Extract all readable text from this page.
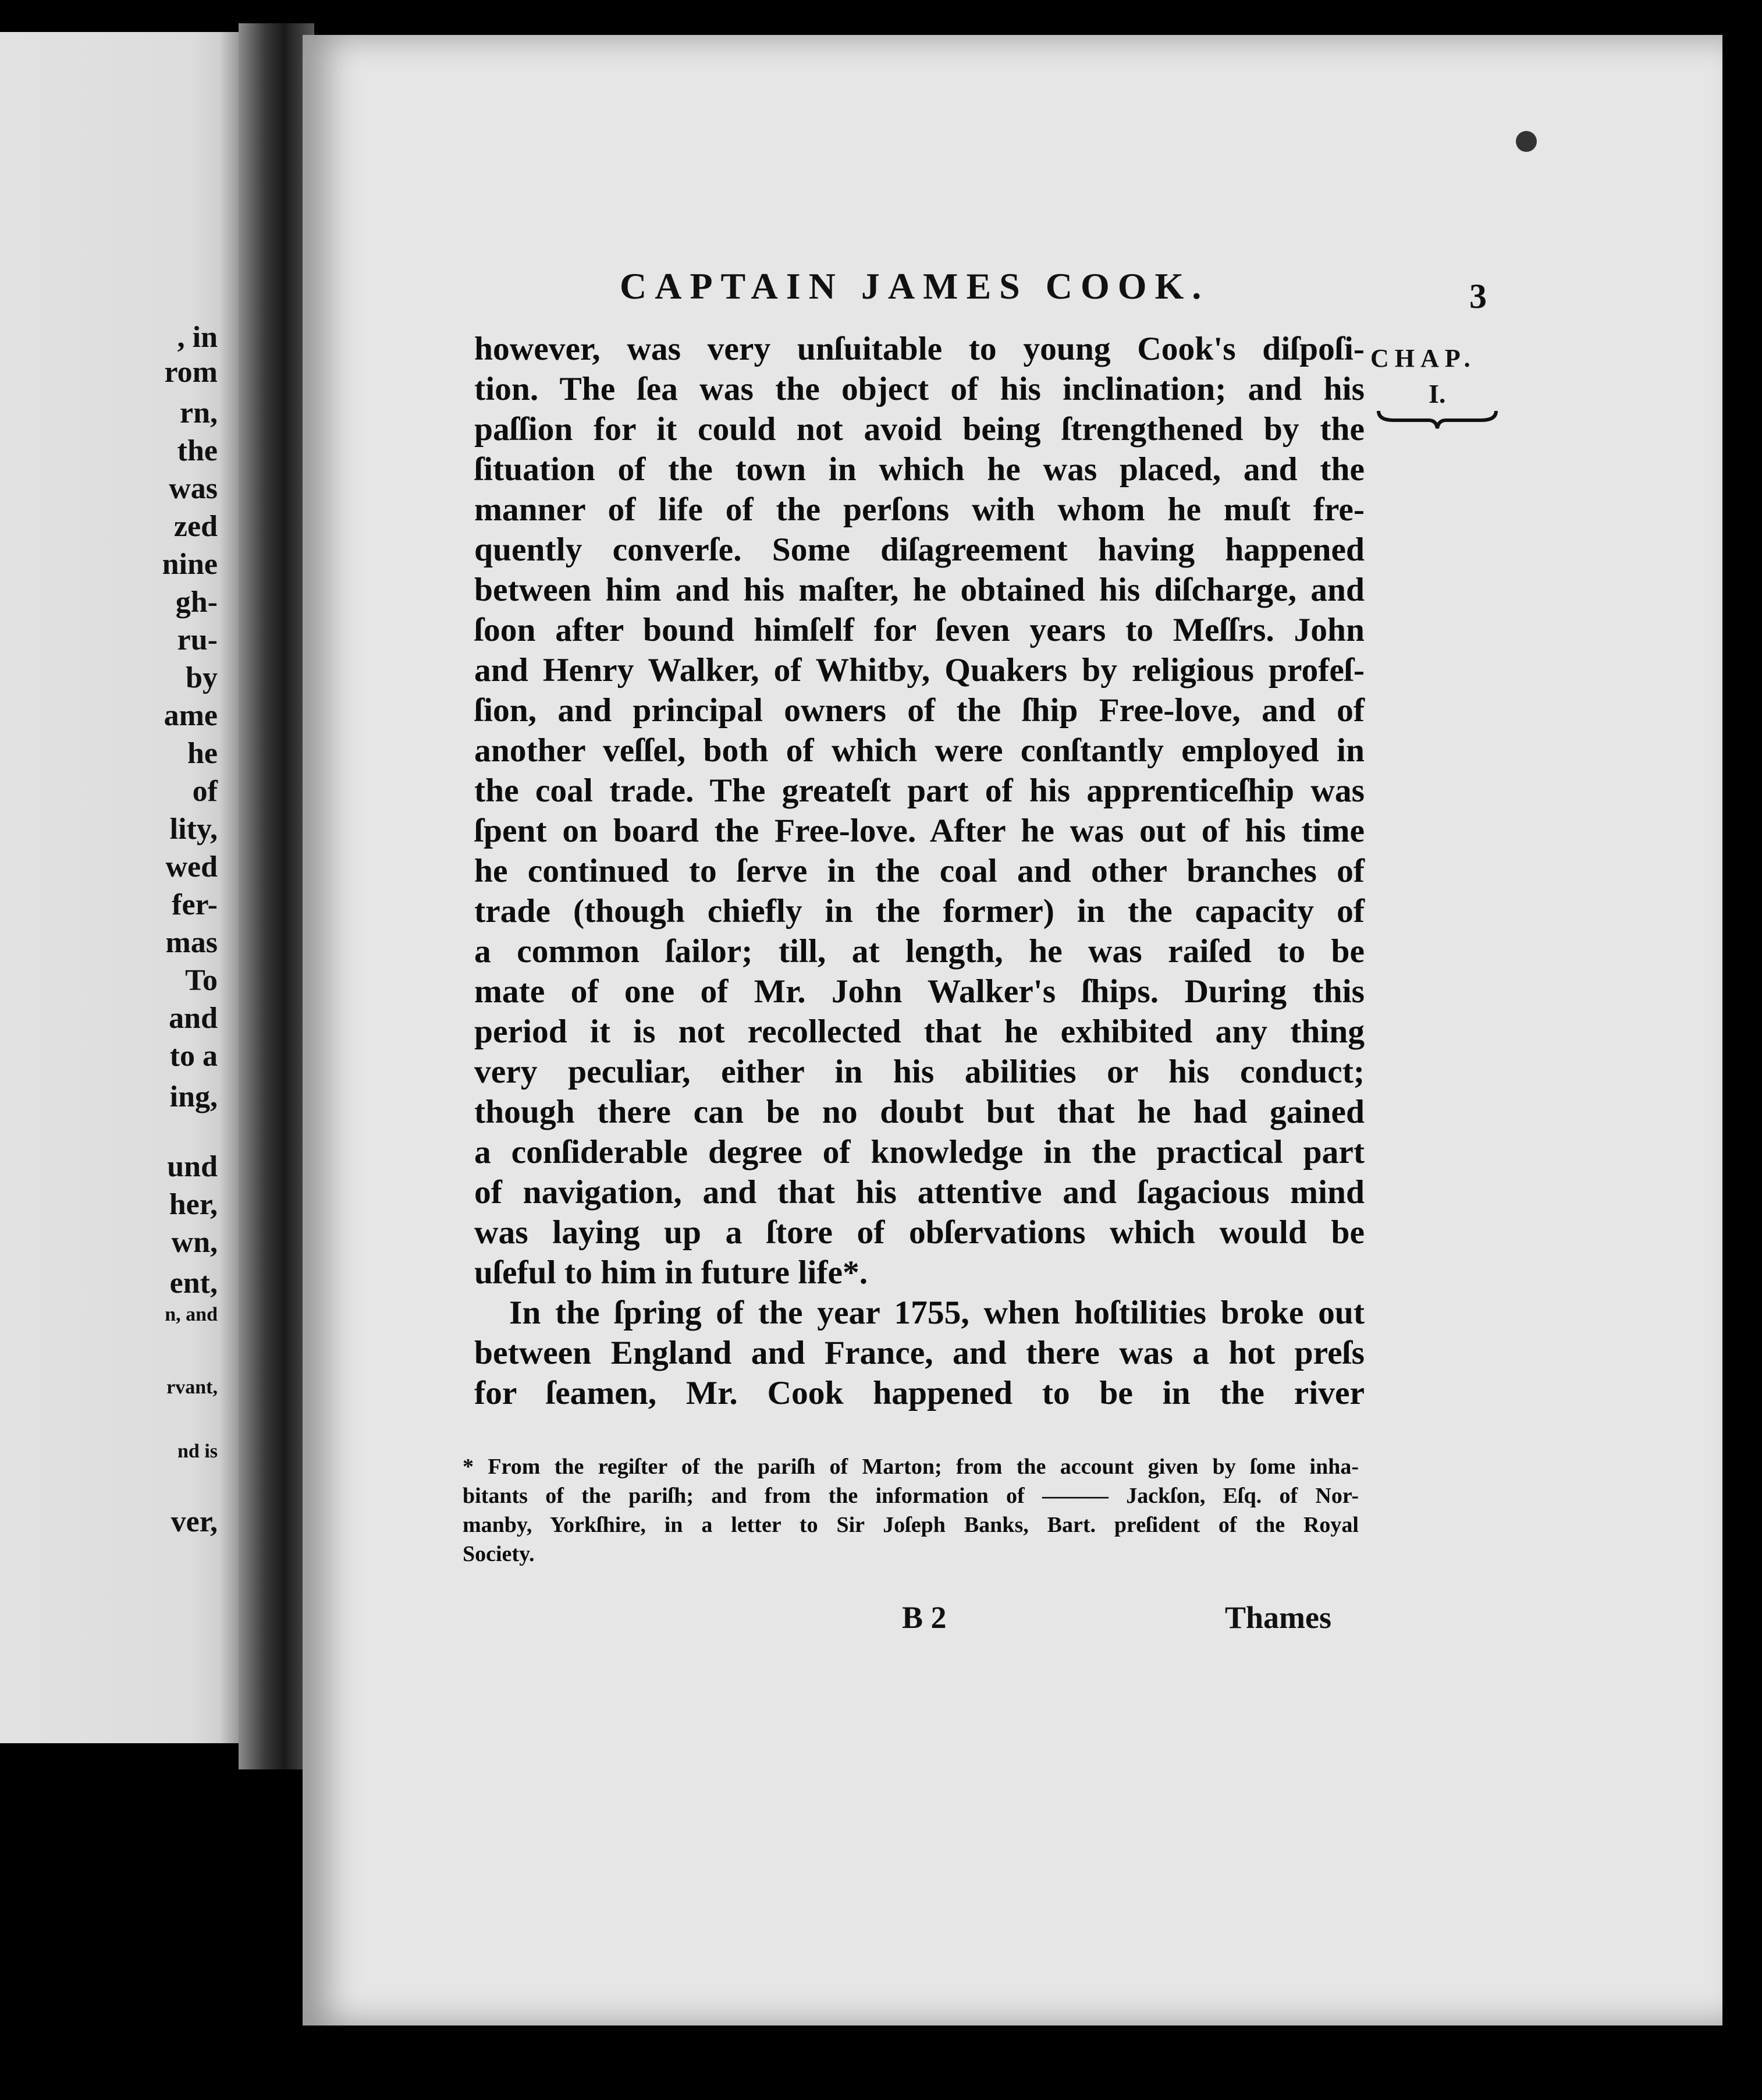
, in
rom
rn,
the
was
zed
nine
gh-
ru-
by
ame
he
of
lity,
wed
fer-
mas
To
and
to a
ing,
und
her,
wn,
ent,
n, and
rvant,
nd is
ver,
CAPTAIN JAMES COOK.	3
CHAP.
I.
however, was very unſuitable to young Cook's diſpoſi-
tion. The ſea was the object of his inclination; and his
paſſion for it could not avoid being ſtrengthened by the
ſituation of the town in which he was placed, and the
manner of life of the perſons with whom he muſt fre-
quently converſe. Some diſagreement having happened
between him and his maſter, he obtained his diſcharge, and
ſoon after bound himſelf for ſeven years to Meſſrs. John
and Henry Walker, of Whitby, Quakers by religious profeſ-
ſion, and principal owners of the ſhip Free-love, and of
another veſſel, both of which were conſtantly employed in
the coal trade. The greateſt part of his apprenticeſhip was
ſpent on board the Free-love. After he was out of his time
he continued to ſerve in the coal and other branches of
trade (though chiefly in the former) in the capacity of
a common ſailor; till, at length, he was raiſed to be
mate of one of Mr. John Walker's ſhips. During this
period it is not recollected that he exhibited any thing
very peculiar, either in his abilities or his conduct;
though there can be no doubt but that he had gained
a conſiderable degree of knowledge in the practical part
of navigation, and that his attentive and ſagacious mind
was laying up a ſtore of obſervations which would be
uſeful to him in future life*.
In the ſpring of the year 1755, when hoſtilities broke out
between England and France, and there was a hot preſs
for ſeamen, Mr. Cook happened to be in the river
* From the regiſter of the pariſh of Marton; from the account given by ſome inha-
bitants of the pariſh; and from the information of ——— Jackſon, Eſq. of Nor-
manby, Yorkſhire, in a letter to Sir Joſeph Banks, Bart. preſident of the Royal
Society.
B 2	Thames
